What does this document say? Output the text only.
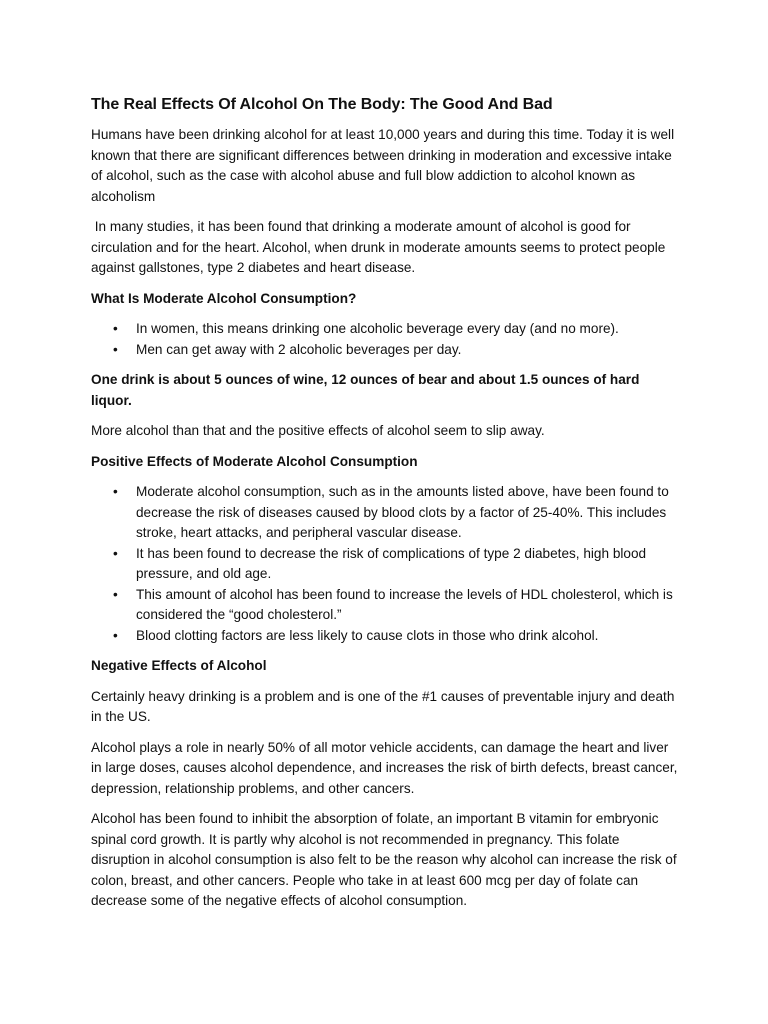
The Real Effects Of Alcohol On The Body: The Good And Bad

Humans have been drinking alcohol for at least 10,000 years and during this time. Today it is well known that there are significant differences between drinking in moderation and excessive intake of alcohol, such as the case with alcohol abuse and full blow addiction to alcohol known as alcoholism

In many studies, it has been found that drinking a moderate amount of alcohol is good for circulation and for the heart. Alcohol, when drunk in moderate amounts seems to protect people against gallstones, type 2 diabetes and heart disease.

What Is Moderate Alcohol Consumption?
• In women, this means drinking one alcoholic beverage every day (and no more).
• Men can get away with 2 alcoholic beverages per day.

One drink is about 5 ounces of wine, 12 ounces of bear and about 1.5 ounces of hard liquor.

More alcohol than that and the positive effects of alcohol seem to slip away.

Positive Effects of Moderate Alcohol Consumption
• Moderate alcohol consumption, such as in the amounts listed above, have been found to decrease the risk of diseases caused by blood clots by a factor of 25-40%. This includes stroke, heart attacks, and peripheral vascular disease.
• It has been found to decrease the risk of complications of type 2 diabetes, high blood pressure, and old age.
• This amount of alcohol has been found to increase the levels of HDL cholesterol, which is considered the “good cholesterol.”
• Blood clotting factors are less likely to cause clots in those who drink alcohol.
Negative Effects of Alcohol

Certainly heavy drinking is a problem and is one of the #1 causes of preventable injury and death in the US.

Alcohol plays a role in nearly 50% of all motor vehicle accidents, can damage the heart and liver in large doses, causes alcohol dependence, and increases the risk of birth defects, breast cancer, depression, relationship problems, and other cancers.

Alcohol has been found to inhibit the absorption of folate, an important B vitamin for embryonic spinal cord growth. It is partly why alcohol is not recommended in pregnancy. This folate disruption in alcohol consumption is also felt to be the reason why alcohol can increase the risk of colon, breast, and other cancers. People who take in at least 600 mcg per day of folate can decrease some of the negative effects of alcohol consumption.
